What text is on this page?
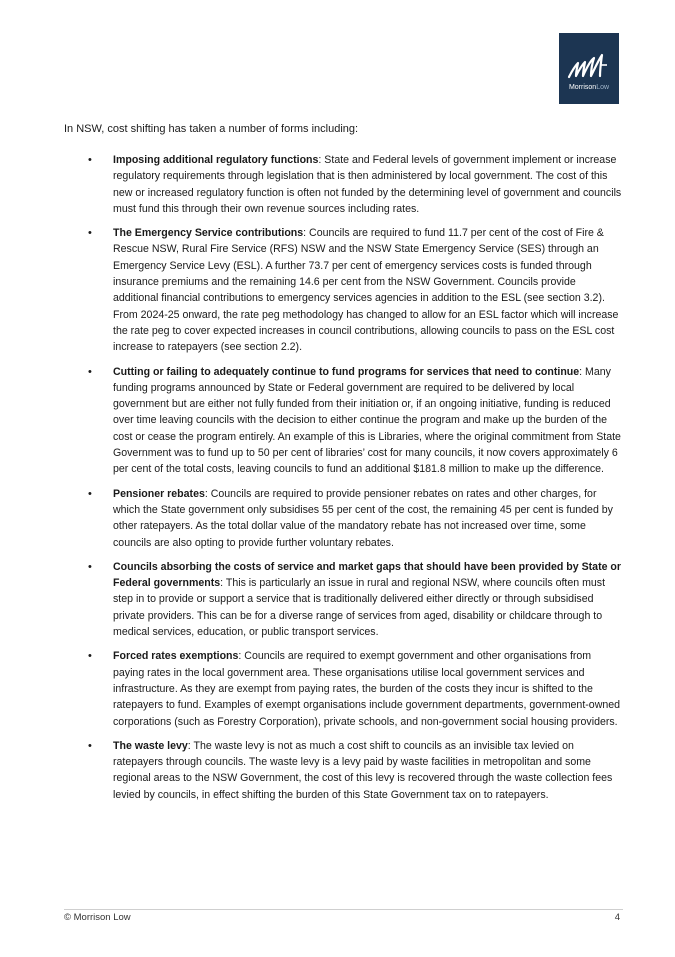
MorrisonLow

In NSW, cost shifting has taken a number of forms including:

• Imposing additional regulatory functions: State and Federal levels of government implement or increase regulatory requirements through legislation that is then administered by local government. The cost of this new or increased regulatory function is often not funded by the determining level of government and councils must fund this through their own revenue sources including rates.
• The Emergency Service contributions: Councils are required to fund 11.7 per cent of the cost of Fire & Rescue NSW, Rural Fire Service (RFS) NSW and the NSW State Emergency Service (SES) through an Emergency Service Levy (ESL). A further 73.7 per cent of emergency services costs is funded through insurance premiums and the remaining 14.6 per cent from the NSW Government. Councils provide additional financial contributions to emergency services agencies in addition to the ESL (see section 3.2). From 2024-25 onward, the rate peg methodology has changed to allow for an ESL factor which will increase the rate peg to cover expected increases in council contributions, allowing councils to pass on the ESL cost increase to ratepayers (see section 2.2).
• Cutting or failing to adequately continue to fund programs for services that need to continue: Many funding programs announced by State or Federal government are required to be delivered by local government but are either not fully funded from their initiation or, if an ongoing initiative, funding is reduced over time leaving councils with the decision to either continue the program and make up the burden of the cost or cease the program entirely. An example of this is Libraries, where the original commitment from State Government was to fund up to 50 per cent of libraries’ cost for many councils, it now covers approximately 6 per cent of the total costs, leaving councils to fund an additional $181.8 million to make up the difference.
• Pensioner rebates: Councils are required to provide pensioner rebates on rates and other charges, for which the State government only subsidises 55 per cent of the cost, the remaining 45 per cent is funded by other ratepayers. As the total dollar value of the mandatory rebate has not increased over time, some councils are also opting to provide further voluntary rebates.
• Councils absorbing the costs of service and market gaps that should have been provided by State or Federal governments: This is particularly an issue in rural and regional NSW, where councils often must step in to provide or support a service that is traditionally delivered either directly or through subsidised private providers. This can be for a diverse range of services from aged, disability or childcare through to medical services, education, or public transport services.
• Forced rates exemptions: Councils are required to exempt government and other organisations from paying rates in the local government area. These organisations utilise local government services and infrastructure. As they are exempt from paying rates, the burden of the costs they incur is shifted to the ratepayers to fund. Examples of exempt organisations include government departments, government-owned corporations (such as Forestry Corporation), private schools, and non-government social housing providers.
• The waste levy: The waste levy is not as much a cost shift to councils as an invisible tax levied on ratepayers through councils. The waste levy is a levy paid by waste facilities in metropolitan and some regional areas to the NSW Government, the cost of this levy is recovered through the waste collection fees levied by councils, in effect shifting the burden of this State Government tax on to ratepayers.
© Morrison Low	4
